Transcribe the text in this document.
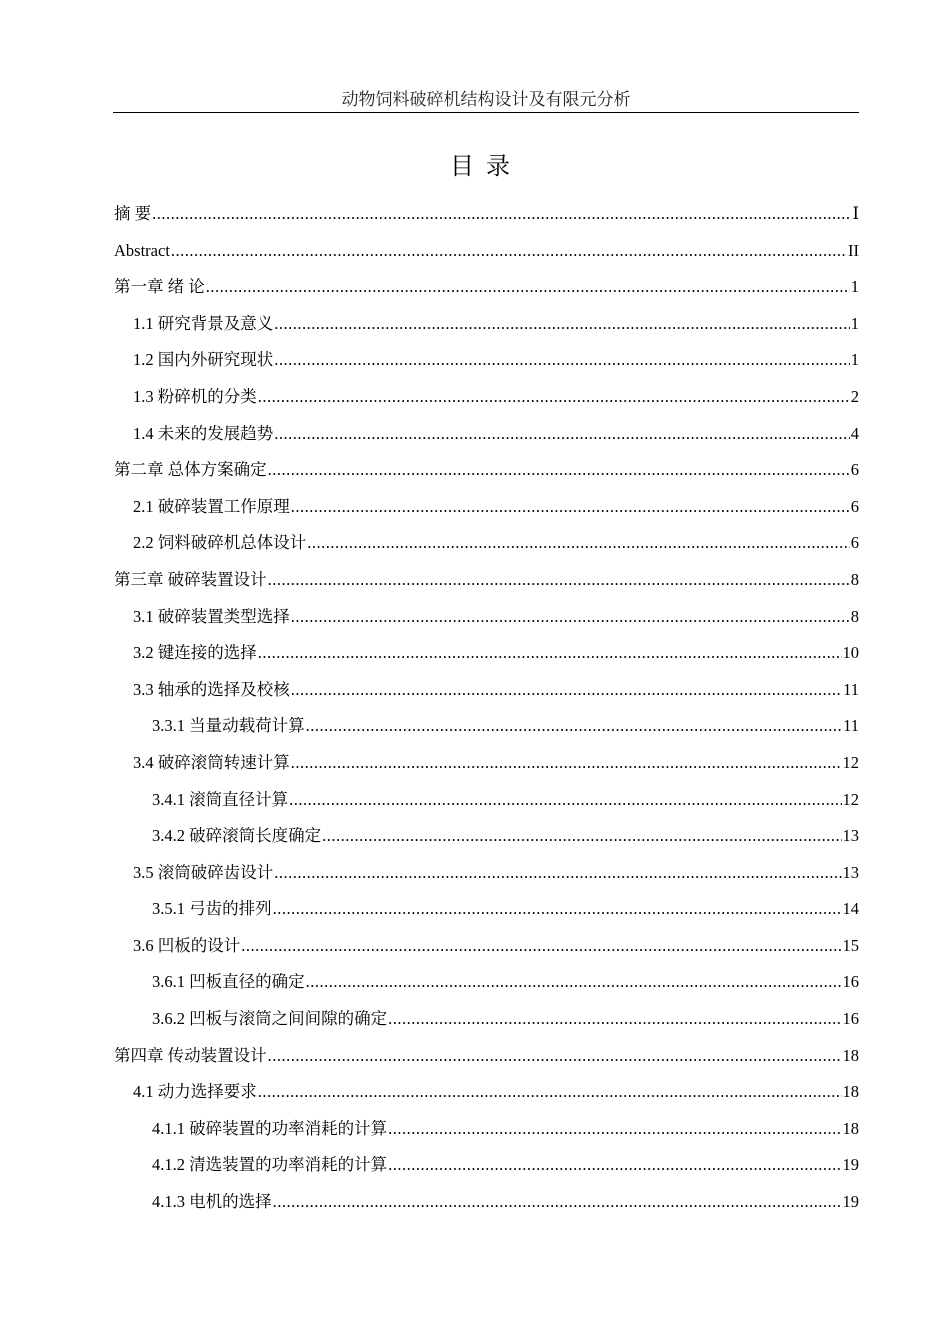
动物饲料破碎机结构设计及有限元分析
目录
摘 要 .....	Ⅰ
Abstract .....	II
第一章 绪 论 .....	1
1.1 研究背景及意义 .....	1
1.2 国内外研究现状 .....	1
1.3 粉碎机的分类 .....	2
1.4 未来的发展趋势 .....	4
第二章 总体方案确定 .....	6
2.1 破碎装置工作原理 .....	6
2.2 饲料破碎机总体设计 .....	6
第三章 破碎装置设计 .....	8
3.1 破碎装置类型选择 .....	8
3.2 键连接的选择 .....	10
3.3 轴承的选择及校核 .....	11
3.3.1 当量动载荷计算 .....	11
3.4 破碎滚筒转速计算 .....	12
3.4.1 滚筒直径计算 .....	12
3.4.2 破碎滚筒长度确定 .....	13
3.5 滚筒破碎齿设计 .....	13
3.5.1 弓齿的排列 .....	14
3.6 凹板的设计 .....	15
3.6.1 凹板直径的确定 .....	16
3.6.2 凹板与滚筒之间间隙的确定 .....	16
第四章 传动装置设计 .....	18
4.1 动力选择要求 .....	18
4.1.1 破碎装置的功率消耗的计算 .....	18
4.1.2 清选装置的功率消耗的计算 .....	19
4.1.3 电机的选择 .....	19
